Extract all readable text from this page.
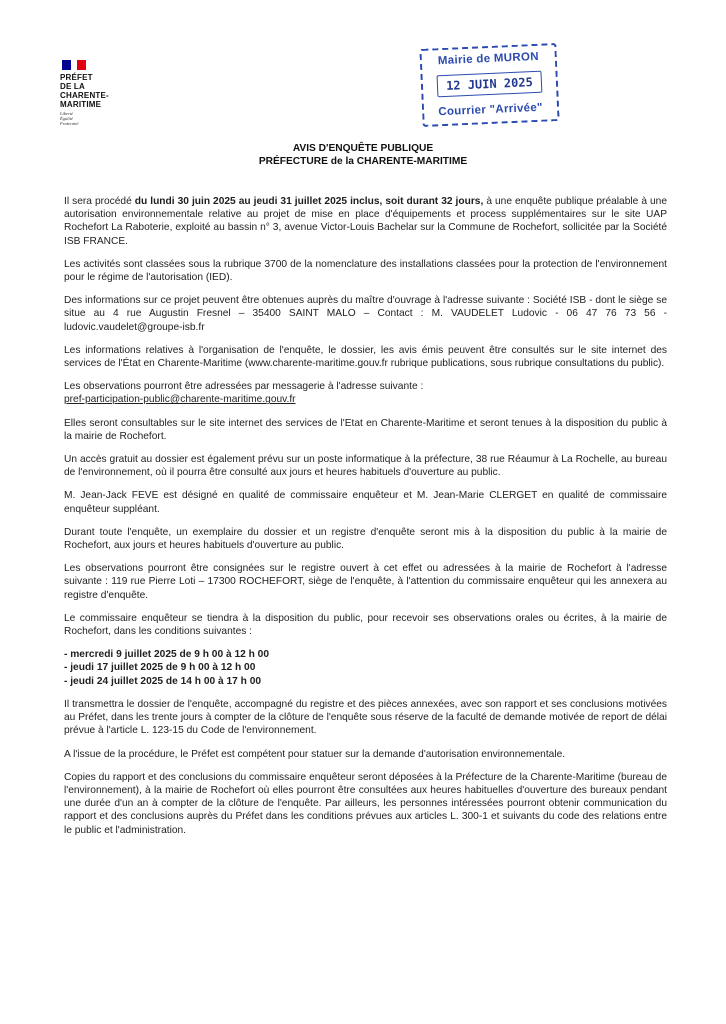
PRÉFET
DE LA
CHARENTE-
MARITIME
Liberté
Égalité
Fraternité
Mairie de MURON
12 JUIN 2025
Courrier "Arrivée"
AVIS D'ENQUÊTE PUBLIQUE
PRÉFECTURE de la CHARENTE-MARITIME

Il sera procédé du lundi 30 juin 2025 au jeudi 31 juillet 2025 inclus, soit durant 32 jours, à une enquête publique préalable à une autorisation environnementale relative au projet de mise en place d'équipements et process supplémentaires sur le site UAP Rochefort La Raboterie, exploité au bassin n° 3, avenue Victor-Louis Bachelar sur la Commune de Rochefort, sollicitée par la Société ISB FRANCE.

Les activités sont classées sous la rubrique 3700 de la nomenclature des installations classées pour la protection de l'environnement pour le régime de l'autorisation (IED).

Des informations sur ce projet peuvent être obtenues auprès du maître d'ouvrage à l'adresse suivante : Société ISB - dont le siège se situe au 4 rue Augustin Fresnel – 35400 SAINT MALO – Contact : M. VAUDELET Ludovic - 06 47 76 73 56 - ludovic.vaudelet@groupe-isb.fr

Les informations relatives à l'organisation de l'enquête, le dossier, les avis émis peuvent être consultés sur le site internet des services de l'État en Charente-Maritime (www.charente-maritime.gouv.fr rubrique publications, sous rubrique consultations du public).

Les observations pourront être adressées par messagerie à l'adresse suivante :
pref-participation-public@charente-maritime.gouv.fr

Elles seront consultables sur le site internet des services de l'Etat en Charente-Maritime et seront tenues à la disposition du public à la mairie de Rochefort.

Un accès gratuit au dossier est également prévu sur un poste informatique à la préfecture, 38 rue Réaumur à La Rochelle, au bureau de l'environnement, où il pourra être consulté aux jours et heures habituels d'ouverture au public.

M. Jean-Jack FEVE est désigné en qualité de commissaire enquêteur et M. Jean-Marie CLERGET en qualité de commissaire enquêteur suppléant.

Durant toute l'enquête, un exemplaire du dossier et un registre d'enquête seront mis à la disposition du public à la mairie de Rochefort, aux jours et heures habituels d'ouverture au public.

Les observations pourront être consignées sur le registre ouvert à cet effet ou adressées à la mairie de Rochefort à l'adresse suivante : 119 rue Pierre Loti – 17300 ROCHEFORT, siège de l'enquête, à l'attention du commissaire enquêteur qui les annexera au registre d'enquête.

Le commissaire enquêteur se tiendra à la disposition du public, pour recevoir ses observations orales ou écrites, à la mairie de Rochefort, dans les conditions suivantes :

- mercredi 9 juillet 2025 de 9 h 00 à 12 h 00
- jeudi 17 juillet 2025 de 9 h 00 à 12 h 00
- jeudi 24 juillet 2025 de 14 h 00 à 17 h 00

Il transmettra le dossier de l'enquête, accompagné du registre et des pièces annexées, avec son rapport et ses conclusions motivées au Préfet, dans les trente jours à compter de la clôture de l'enquête sous réserve de la faculté de demande motivée de report de délai prévue à l'article L. 123-15 du Code de l'environnement.

A l'issue de la procédure, le Préfet est compétent pour statuer sur la demande d'autorisation environnementale.

Copies du rapport et des conclusions du commissaire enquêteur seront déposées à la Préfecture de la Charente-Maritime (bureau de l'environnement), à la mairie de Rochefort où elles pourront être consultées aux heures habituelles d'ouverture des bureaux pendant une durée d'un an à compter de la clôture de l'enquête. Par ailleurs, les personnes intéressées pourront obtenir communication du rapport et des conclusions auprès du Préfet dans les conditions prévues aux articles L. 300-1 et suivants du code des relations entre le public et l'administration.
